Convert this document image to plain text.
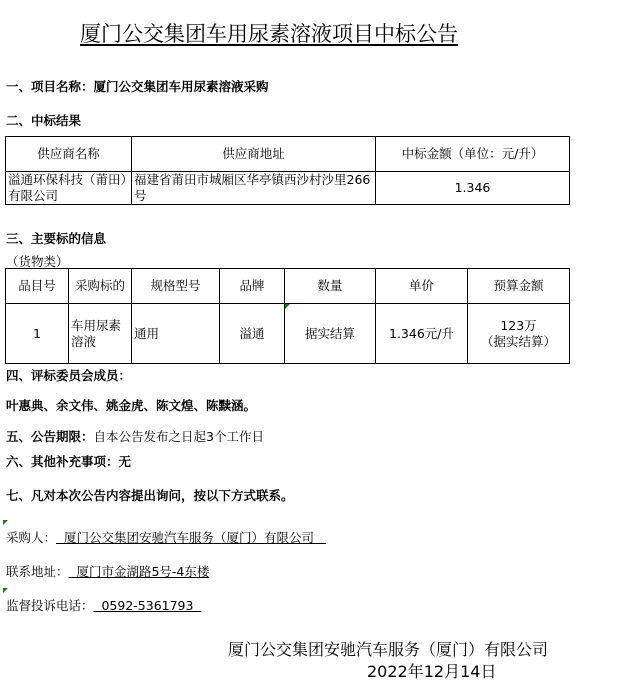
厦门公交集团车用尿素溶液项目中标公告
一、项目名称：厦门公交集团车用尿素溶液采购
二、中标结果
供应商名称	供应商地址	中标金额（单位：元/升）
溢通环保科技（莆田）有限公司	福建省莆田市城厢区华亭镇西沙村沙里266号	1.346
三、主要标的信息
（货物类）
品目号	采购标的	规格型号	品牌	数量	单价	预算金额
1	车用尿素溶液	通用	溢通	据实结算	1.346元/升	123万
（据实结算）
四、评标委员会成员：
叶惠典、余文伟、姚金虎、陈文煌、陈黩涵。
五、公告期限：自本公告发布之日起3个工作日
六、其他补充事项：无
七、凡对本次公告内容提出询问，按以下方式联系。
采购人：  厦门公交集团安驰汽车服务（厦门）有限公司
联系地址：  厦门市金湖路5号-4东楼
监督投诉电话：  0592-5361793
厦门公交集团安驰汽车服务（厦门）有限公司
2022年12月14日
